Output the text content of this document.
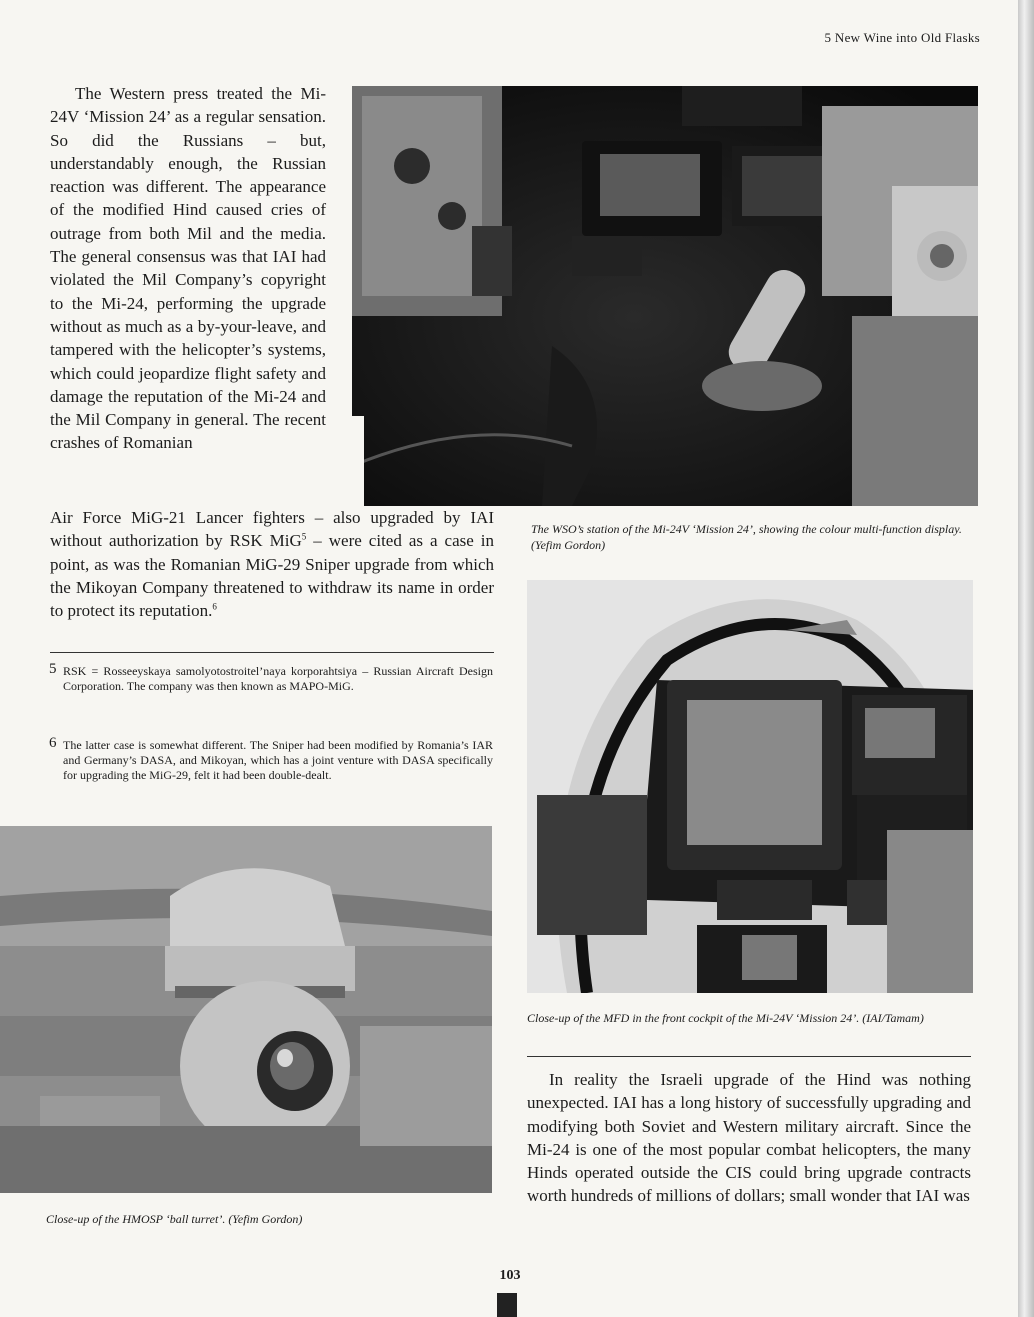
5 New Wine into Old Flasks
The WSO’s station of the Mi-24V ‘Mission 24’, showing the colour multi-function display. (Yefim Gordon)

The Western press treated the Mi-24V ‘Mission 24’ as a regular sensation. So did the Russians – but, understandably enough, the Russian reaction was different. The appearance of the modified Hind caused cries of outrage from both Mil and the media. The general consensus was that IAI had violated the Mil Company’s copyright to the Mi-24, performing the upgrade without as much as a by-your-leave, and tampered with the helicopter’s systems, which could jeopardize flight safety and damage the reputation of the Mi-24 and the Mil Company in general. The recent crashes of Romanian

Air Force MiG-21 Lancer fighters – also upgraded by IAI without authorization by RSK MiG$^5$ – were cited as a case in point, as was the Romanian MiG-29 Sniper upgrade from which the Mikoyan Company threatened to withdraw its name in order to protect its reputation.$^6$

5 RSK = Rosseeyskaya samolyotostroitel’naya korporahtsiya – Russian Aircraft Design Corporation. The company was then known as MAPO-MiG.
6 The latter case is somewhat different. The Sniper had been modified by Romania’s IAR and Germany’s DASA, and Mikoyan, which has a joint venture with DASA specifically for upgrading the MiG-29, felt it had been double-dealt.
Close-up of the HMOSP ‘ball turret’. (Yefim Gordon)
Close-up of the MFD in the front cockpit of the Mi-24V ‘Mission 24’. (IAI/Tamam)

In reality the Israeli upgrade of the Hind was nothing unexpected. IAI has a long history of successfully upgrading and modifying both Soviet and Western military aircraft. Since the Mi-24 is one of the most popular combat helicopters, the many Hinds operated outside the CIS could bring upgrade contracts worth hundreds of millions of dollars; small wonder that IAI was

103
